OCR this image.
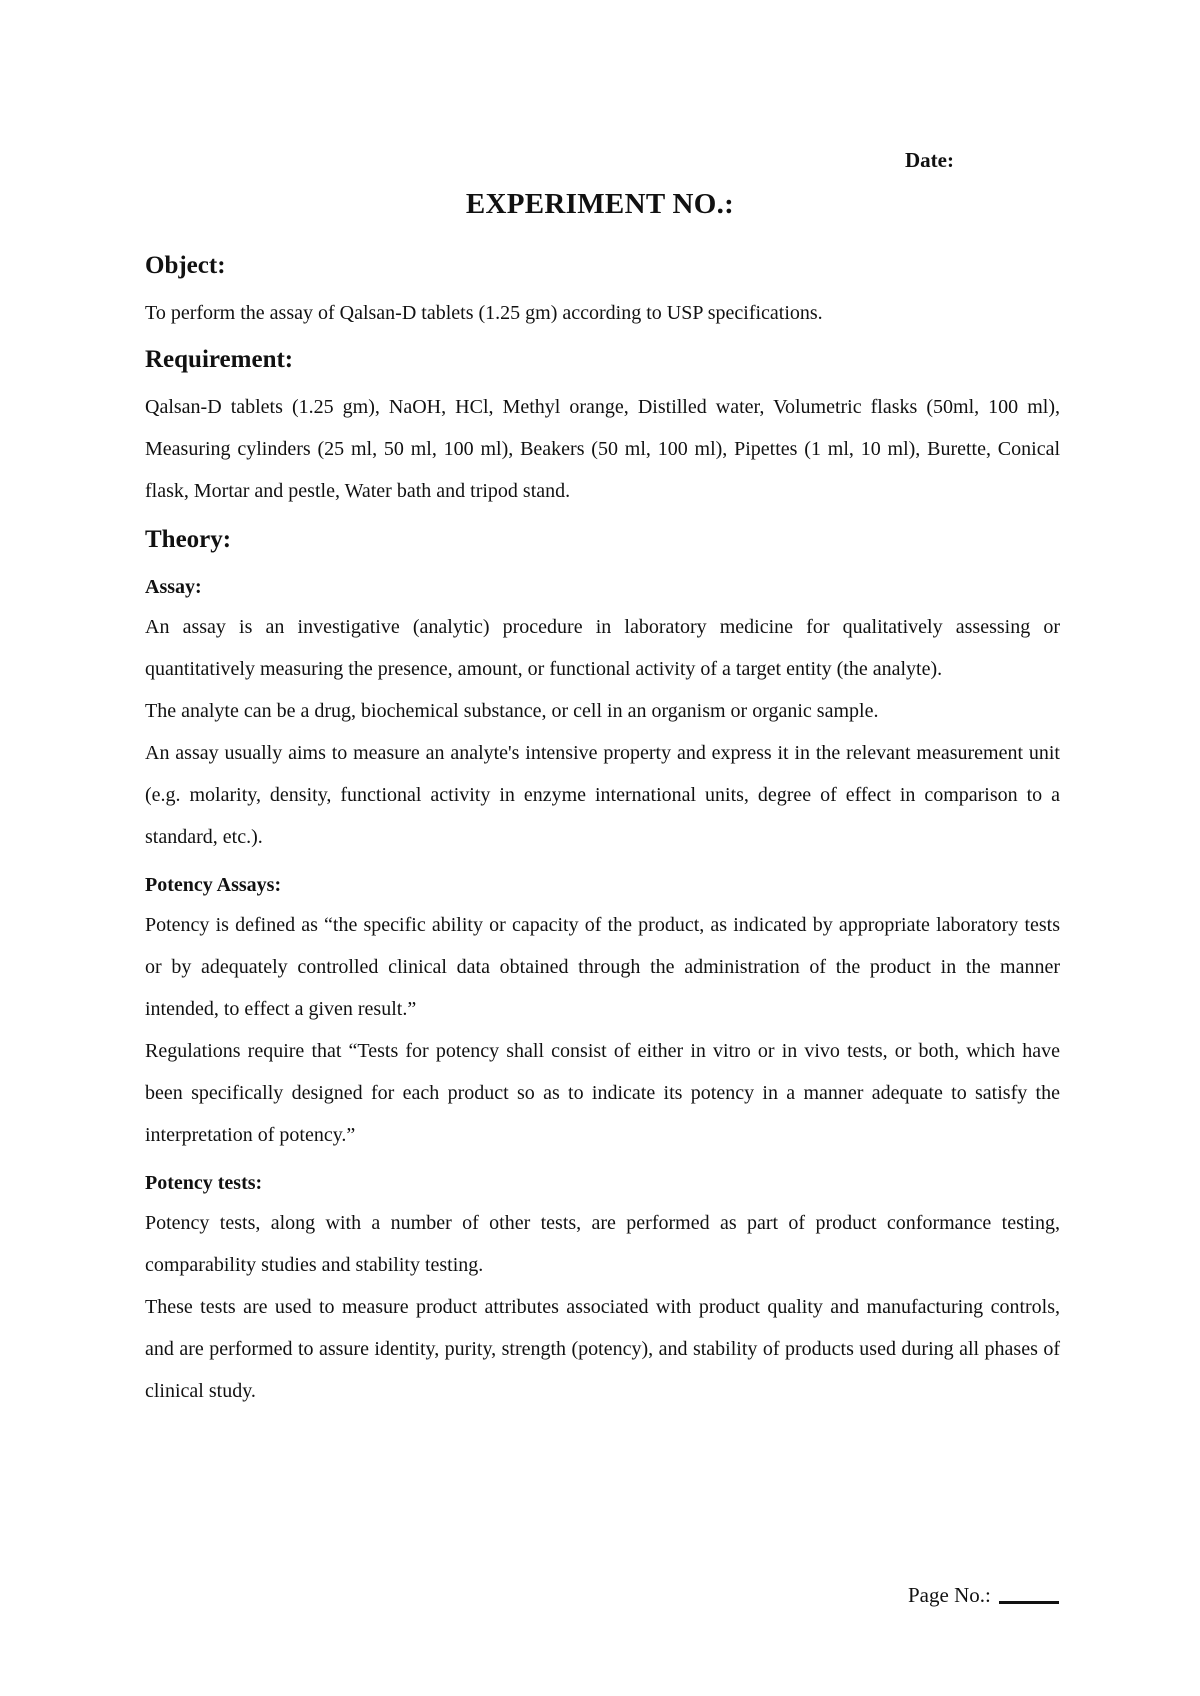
Date:
EXPERIMENT NO.:
Object:

To perform the assay of Qalsan-D tablets (1.25 gm) according to USP specifications.

Requirement:

Qalsan-D tablets (1.25 gm), NaOH, HCl, Methyl orange, Distilled water, Volumetric flasks (50ml, 100 ml), Measuring cylinders (25 ml, 50 ml, 100 ml), Beakers (50 ml, 100 ml), Pipettes (1 ml, 10 ml), Burette, Conical flask, Mortar and pestle, Water bath and tripod stand.

Theory:
Assay:

An assay is an investigative (analytic) procedure in laboratory medicine for qualitatively assessing or quantitatively measuring the presence, amount, or functional activity of a target entity (the analyte).

The analyte can be a drug, biochemical substance, or cell in an organism or organic sample.

An assay usually aims to measure an analyte's intensive property and express it in the relevant measurement unit (e.g. molarity, density, functional activity in enzyme international units, degree of effect in comparison to a standard, etc.).

Potency Assays:

Potency is defined as “the specific ability or capacity of the product, as indicated by appropriate laboratory tests or by adequately controlled clinical data obtained through the administration of the product in the manner intended, to effect a given result.”

Regulations require that “Tests for potency shall consist of either in vitro or in vivo tests, or both, which have been specifically designed for each product so as to indicate its potency in a manner adequate to satisfy the interpretation of potency.”

Potency tests:

Potency tests, along with a number of other tests, are performed as part of product conformance testing, comparability studies and stability testing.

These tests are used to measure product attributes associated with product quality and manufacturing controls, and are performed to assure identity, purity, strength (potency), and stability of products used during all phases of clinical study.

Page No.:
